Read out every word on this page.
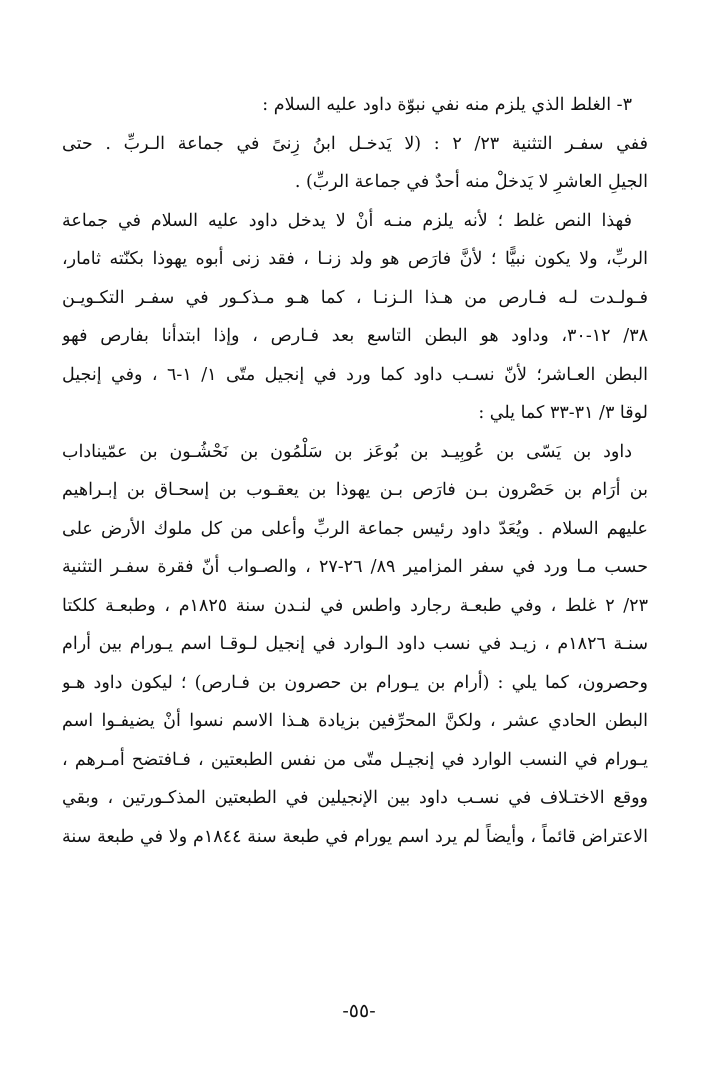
٣- الغلط الذي يلزم منه نفي نبوّة داود عليه السلام :
ففي سفـر التثنية ٢٣/ ٢ : (لا يَدخـل ابنُ زِنىً في جماعة الـربِّ . حتى
الجيلِ العاشرِ لا يَدخلْ منه أحدٌ في جماعة الربِّ) .
فهذا النص غلط ؛ لأنه يلزم منـه أنْ لا يدخل داود عليه السلام في جماعة
الربِّ، ولا يكون نبيًّا ؛ لأنَّ فارَص هو ولد زنـا ، فقد زنى أبوه يهوذا بكنّته ثامار،
فـولـدت لـه فـارص من هـذا الـزنـا ، كما هـو مـذكـور في سفـر التكـويـن
٣٨/ ١٢-٣٠، وداود هو البطن التاسع بعد فـارص ، وإذا ابتدأنا بفارص فهو
البطن العـاشر؛ لأنّ نسـب داود كما ورد في إنجيل متّى ١/ ١-٦ ، وفي إنجيل
لوقا ٣/ ٣١-٣٣ كما يلي :
داود بن يَسّى بن عُوبِيـد بن بُوعَز بن سَلْمُون بن نَحْشُـون بن عمّيناداب
بن أرَام بن حَصْرون بـن فارَص بـن يهوذا بن يعقـوب بن إسحـاق بن إبـراهيم
عليهم السلام . ويُعَدّ داود رئيس جماعة الربِّ وأعلى من كل ملوك الأرض على
حسب مـا ورد في سفر المزامير ٨٩/ ٢٦-٢٧ ، والصـواب أنّ فقرة سفـر التثنية
٢٣/ ٢ غلط ، وفي طبعـة رجارد واطس في لنـدن سنة ١٨٢٥م ، وطبعـة كلكتا
سنـة ١٨٢٦م ، زيـد في نسب داود الـوارد في إنجيل لـوقـا اسم يـورام بين أرام
وحصرون، كما يلي : (أرام بن يـورام بن حصرون بن فـارص) ؛ ليكون داود هـو
البطن الحادي عشر ، ولكنَّ المحرِّفين بزيادة هـذا الاسم نسوا أنْ يضيفـوا اسم
يـورام في النسب الوارد في إنجيـل متّى من نفس الطبعتين ، فـافتضح أمـرهم ،
ووقع الاختـلاف في نسـب داود بين الإنجيلين في الطبعتين المذكـورتين ، وبقي
الاعتراض قائماً ، وأيضاً لم يرد اسم يورام في طبعة سنة ١٨٤٤م ولا في طبعة سنة
-٥٥-
